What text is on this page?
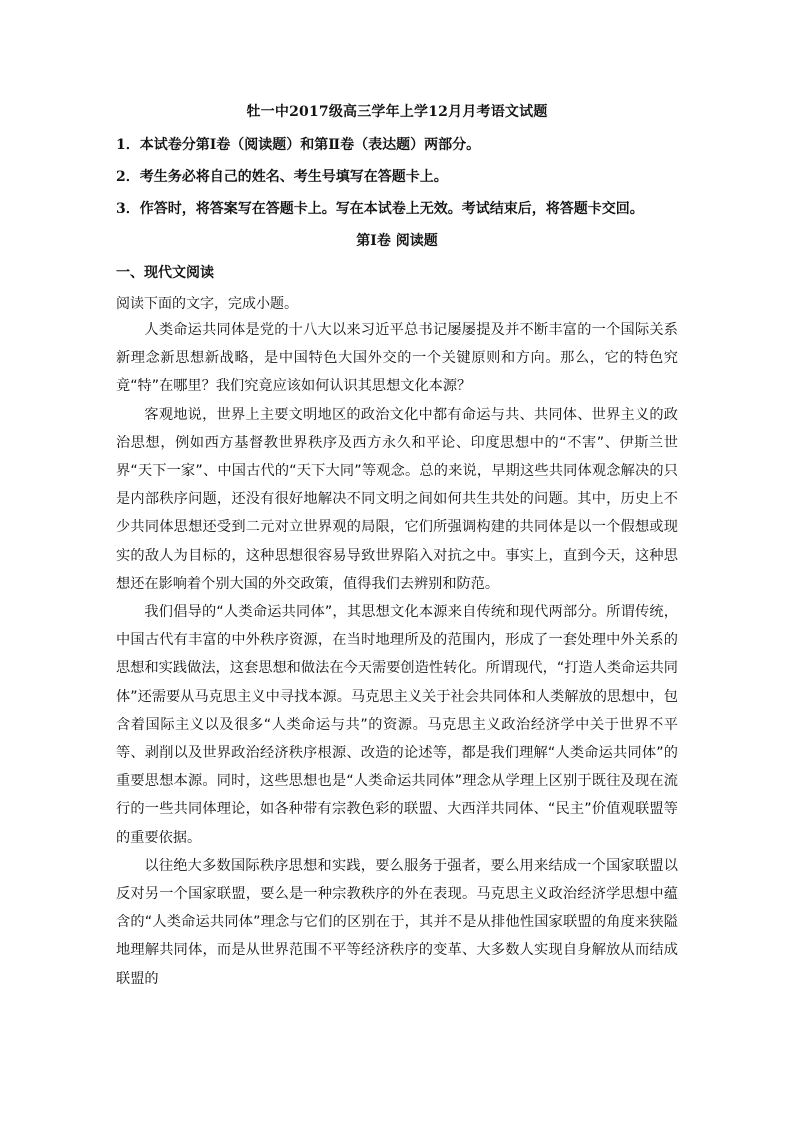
牡一中2017级高三学年上学12月月考语文试题
1．本试卷分第Ⅰ卷（阅读题）和第Ⅱ卷（表达题）两部分。
2．考生务必将自己的姓名、考生号填写在答题卡上。
3．作答时，将答案写在答题卡上。写在本试卷上无效。考试结束后，将答题卡交回。
第Ⅰ卷 阅读题
一、现代文阅读
阅读下面的文字，完成小题。

人类命运共同体是党的十八大以来习近平总书记屡屡提及并不断丰富的一个国际关系新理念新思想新战略，是中国特色大国外交的一个关键原则和方向。那么，它的特色究竟“特”在哪里？我们究竟应该如何认识其思想文化本源？

客观地说，世界上主要文明地区的政治文化中都有命运与共、共同体、世界主义的政治思想，例如西方基督教世界秩序及西方永久和平论、印度思想中的“不害”、伊斯兰世界“天下一家”、中国古代的“天下大同”等观念。总的来说，早期这些共同体观念解决的只是内部秩序问题，还没有很好地解决不同文明之间如何共生共处的问题。其中，历史上不少共同体思想还受到二元对立世界观的局限，它们所强调构建的共同体是以一个假想或现实的敌人为目标的，这种思想很容易导致世界陷入对抗之中。事实上，直到今天，这种思想还在影响着个别大国的外交政策，值得我们去辨别和防范。

我们倡导的“人类命运共同体”，其思想文化本源来自传统和现代两部分。所谓传统，中国古代有丰富的中外秩序资源，在当时地理所及的范围内，形成了一套处理中外关系的思想和实践做法，这套思想和做法在今天需要创造性转化。所谓现代，“打造人类命运共同体”还需要从马克思主义中寻找本源。马克思主义关于社会共同体和人类解放的思想中，包含着国际主义以及很多“人类命运与共”的资源。马克思主义政治经济学中关于世界不平等、剥削以及世界政治经济秩序根源、改造的论述等，都是我们理解“人类命运共同体”的重要思想本源。同时，这些思想也是“人类命运共同体”理念从学理上区别于既往及现在流行的一些共同体理论，如各种带有宗教色彩的联盟、大西洋共同体、“民主”价值观联盟等的重要依据。

以往绝大多数国际秩序思想和实践，要么服务于强者，要么用来结成一个国家联盟以反对另一个国家联盟，要么是一种宗教秩序的外在表现。马克思主义政治经济学思想中蕴含的“人类命运共同体”理念与它们的区别在于，其并不是从排他性国家联盟的角度来狭隘地理解共同体，而是从世界范围不平等经济秩序的变革、大多数人实现自身解放从而结成联盟的
